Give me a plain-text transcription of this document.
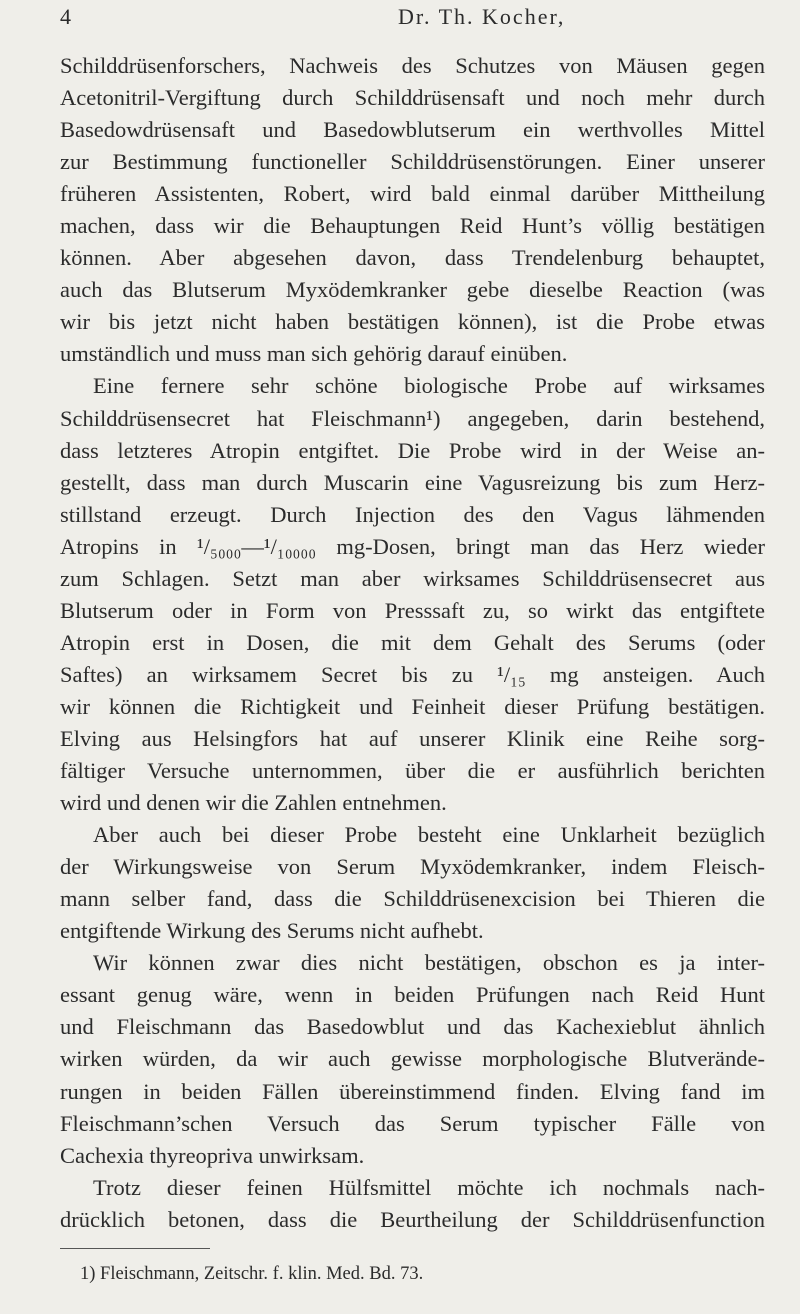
4	Dr. Th. Kocher,
Schilddrüsenforschers, Nachweis des Schutzes von Mäusen gegen
Acetonitril-Vergiftung durch Schilddrüsensaft und noch mehr durch
Basedowdrüsensaft und Basedowblutserum ein werthvolles Mittel
zur Bestimmung functioneller Schilddrüsenstörungen. Einer unserer
früheren Assistenten, Robert, wird bald einmal darüber Mittheilung
machen, dass wir die Behauptungen Reid Hunt’s völlig bestätigen
können. Aber abgesehen davon, dass Trendelenburg behauptet,
auch das Blutserum Myxödemkranker gebe dieselbe Reaction (was
wir bis jetzt nicht haben bestätigen können), ist die Probe etwas
umständlich und muss man sich gehörig darauf einüben.
Eine fernere sehr schöne biologische Probe auf wirksames
Schilddrüsensecret hat Fleischmann¹) angegeben, darin bestehend,
dass letzteres Atropin entgiftet. Die Probe wird in der Weise an-
gestellt, dass man durch Muscarin eine Vagusreizung bis zum Herz-
stillstand erzeugt. Durch Injection des den Vagus lähmenden
Atropins in ¹/₅₀₀₀—¹/₁₀₀₀₀ mg-Dosen, bringt man das Herz wieder
zum Schlagen. Setzt man aber wirksames Schilddrüsensecret aus
Blutserum oder in Form von Presssaft zu, so wirkt das entgiftete
Atropin erst in Dosen, die mit dem Gehalt des Serums (oder
Saftes) an wirksamem Secret bis zu ¹/₁₅ mg ansteigen. Auch
wir können die Richtigkeit und Feinheit dieser Prüfung bestätigen.
Elving aus Helsingfors hat auf unserer Klinik eine Reihe sorg-
fältiger Versuche unternommen, über die er ausführlich berichten
wird und denen wir die Zahlen entnehmen.
Aber auch bei dieser Probe besteht eine Unklarheit bezüglich
der Wirkungsweise von Serum Myxödemkranker, indem Fleisch-
mann selber fand, dass die Schilddrüsenexcision bei Thieren die
entgiftende Wirkung des Serums nicht aufhebt.
Wir können zwar dies nicht bestätigen, obschon es ja inter-
essant genug wäre, wenn in beiden Prüfungen nach Reid Hunt
und Fleischmann das Basedowblut und das Kachexieblut ähnlich
wirken würden, da wir auch gewisse morphologische Blutverände-
rungen in beiden Fällen übereinstimmend finden. Elving fand im
Fleischmann’schen Versuch das Serum typischer Fälle von
Cachexia thyreopriva unwirksam.
Trotz dieser feinen Hülfsmittel möchte ich nochmals nach-
drücklich betonen, dass die Beurtheilung der Schilddrüsenfunction
1) Fleischmann, Zeitschr. f. klin. Med. Bd. 73.
